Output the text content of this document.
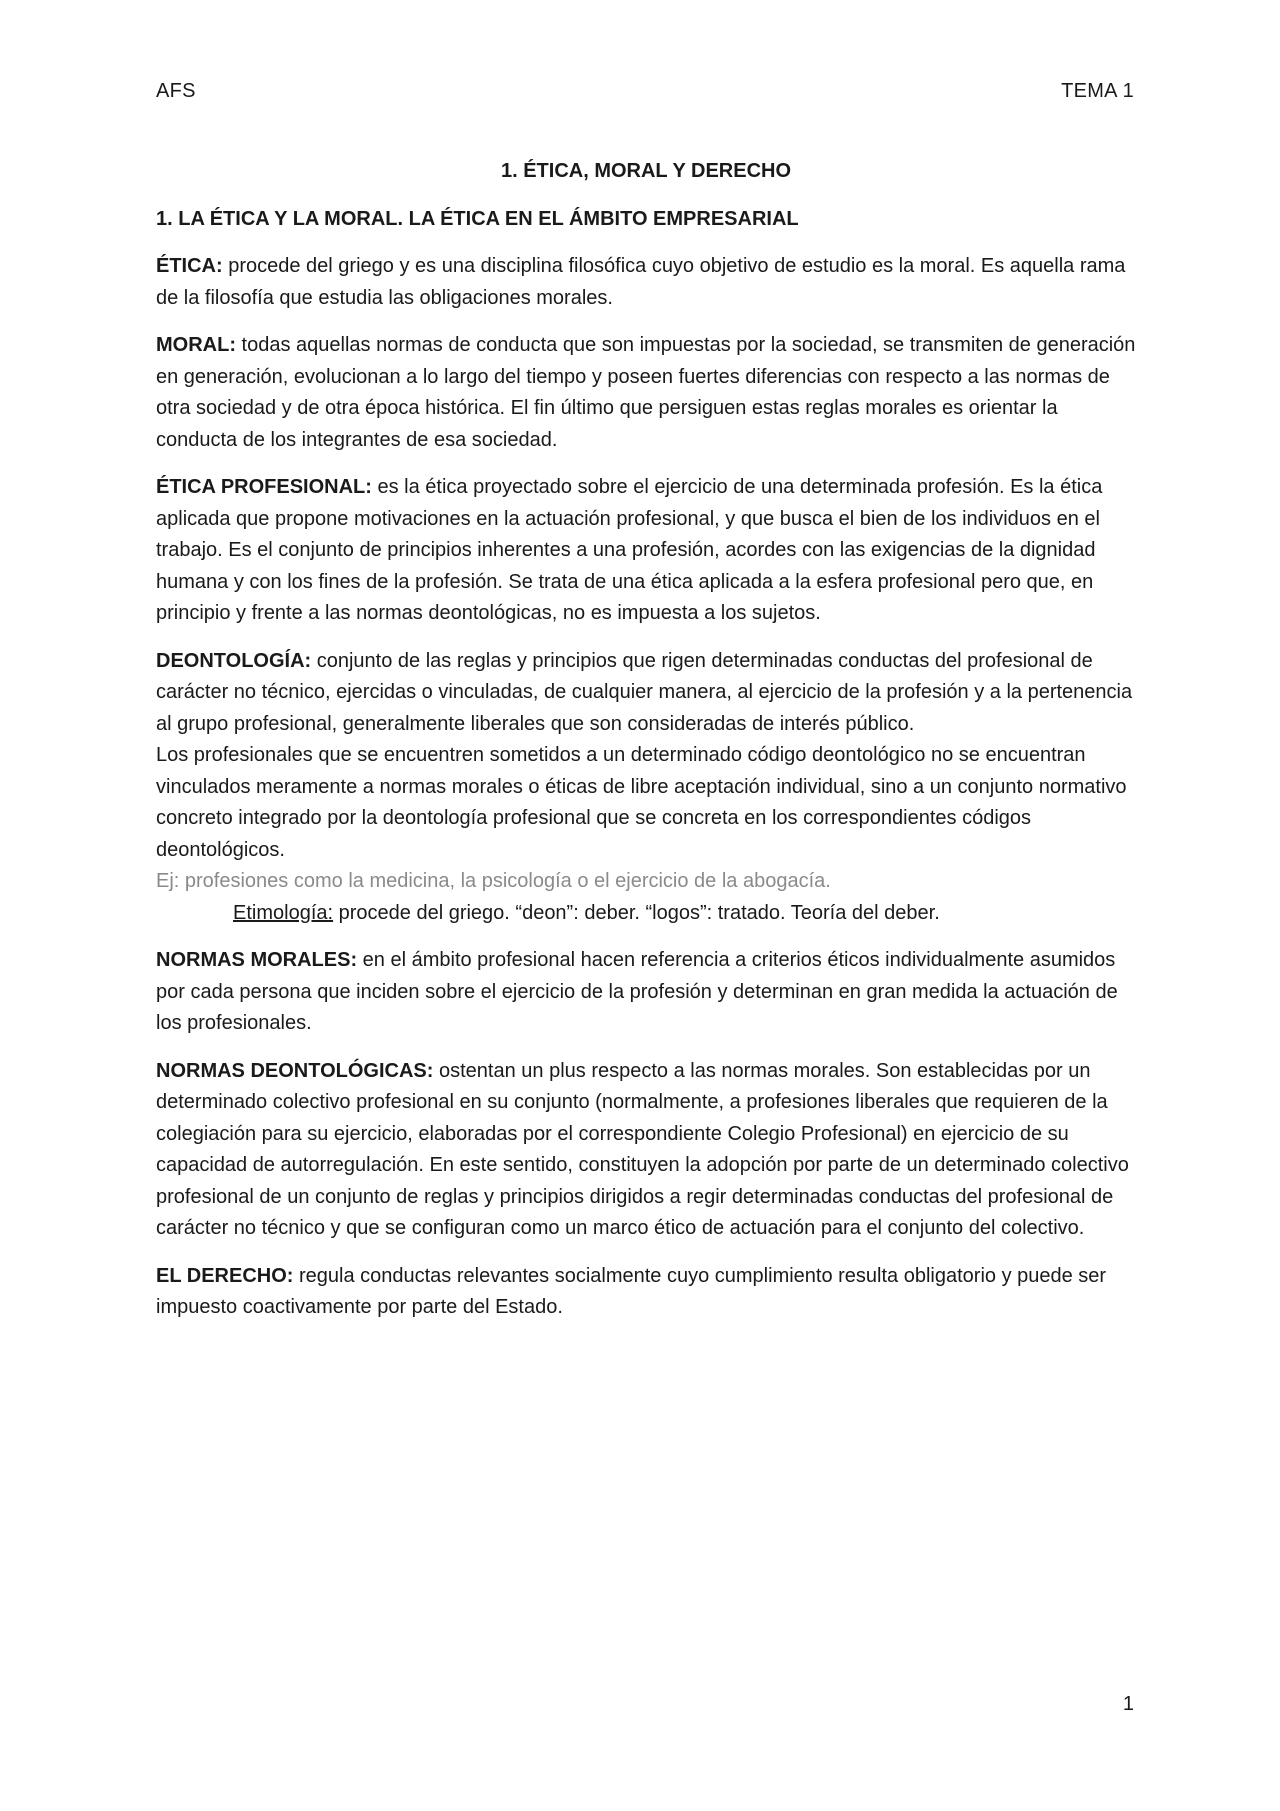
AFS	TEMA 1

1. ÉTICA, MORAL Y DERECHO

1. LA ÉTICA Y LA MORAL. LA ÉTICA EN EL ÁMBITO EMPRESARIAL

ÉTICA: procede del griego y es una disciplina filosófica cuyo objetivo de estudio es la moral. Es aquella rama de la filosofía que estudia las obligaciones morales.

MORAL: todas aquellas normas de conducta que son impuestas por la sociedad, se transmiten de generación en generación, evolucionan a lo largo del tiempo y poseen fuertes diferencias con respecto a las normas de otra sociedad y de otra época histórica. El fin último que persiguen estas reglas morales es orientar la conducta de los integrantes de esa sociedad.

ÉTICA PROFESIONAL: es la ética proyectado sobre el ejercicio de una determinada profesión. Es la ética aplicada que propone motivaciones en la actuación profesional, y que busca el bien de los individuos en el trabajo. Es el conjunto de principios inherentes a una profesión, acordes con las exigencias de la dignidad humana y con los fines de la profesión. Se trata de una ética aplicada a la esfera profesional pero que, en principio y frente a las normas deontológicas, no es impuesta a los sujetos.

DEONTOLOGÍA: conjunto de las reglas y principios que rigen determinadas conductas del profesional de carácter no técnico, ejercidas o vinculadas, de cualquier manera, al ejercicio de la profesión y a la pertenencia al grupo profesional, generalmente liberales que son consideradas de interés público.

Los profesionales que se encuentren sometidos a un determinado código deontológico no se encuentran vinculados meramente a normas morales o éticas de libre aceptación individual, sino a un conjunto normativo concreto integrado por la deontología profesional que se concreta en los correspondientes códigos deontológicos.

Ej: profesiones como la medicina, la psicología o el ejercicio de la abogacía.

Etimología: procede del griego. “deon”: deber. “logos”: tratado. Teoría del deber.

NORMAS MORALES: en el ámbito profesional hacen referencia a criterios éticos individualmente asumidos por cada persona que inciden sobre el ejercicio de la profesión y determinan en gran medida la actuación de los profesionales.

NORMAS DEONTOLÓGICAS: ostentan un plus respecto a las normas morales. Son establecidas por un determinado colectivo profesional en su conjunto (normalmente, a profesiones liberales que requieren de la colegiación para su ejercicio, elaboradas por el correspondiente Colegio Profesional) en ejercicio de su capacidad de autorregulación. En este sentido, constituyen la adopción por parte de un determinado colectivo profesional de un conjunto de reglas y principios dirigidos a regir determinadas conductas del profesional de carácter no técnico y que se configuran como un marco ético de actuación para el conjunto del colectivo.

EL DERECHO: regula conductas relevantes socialmente cuyo cumplimiento resulta obligatorio y puede ser impuesto coactivamente por parte del Estado.

1
